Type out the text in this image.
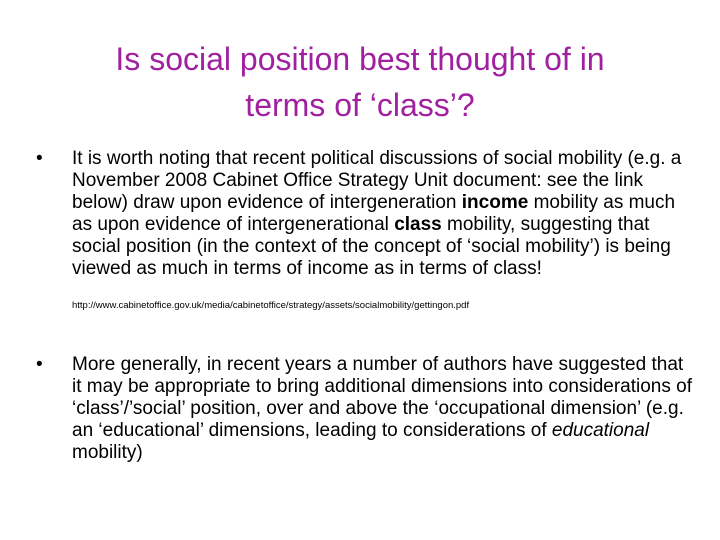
Is social position best thought of in
terms of ‘class’?
•	It is worth noting that recent political discussions of social mobility (e.g. a November 2008 Cabinet Office Strategy Unit document: see the link below) draw upon evidence of intergeneration income mobility as much as upon evidence of intergenerational class mobility, suggesting that social position (in the context of the concept of ‘social mobility’) is being viewed as much in terms of income as in terms of class!
http://www.cabinetoffice.gov.uk/media/cabinetoffice/strategy/assets/socialmobility/gettingon.pdf
•	More generally, in recent years a number of authors have suggested that it may be appropriate to bring additional dimensions into considerations of ‘class’/’social’ position, over and above the ‘occupational dimension’ (e.g. an ‘educational’ dimensions, leading to considerations of educational mobility)
